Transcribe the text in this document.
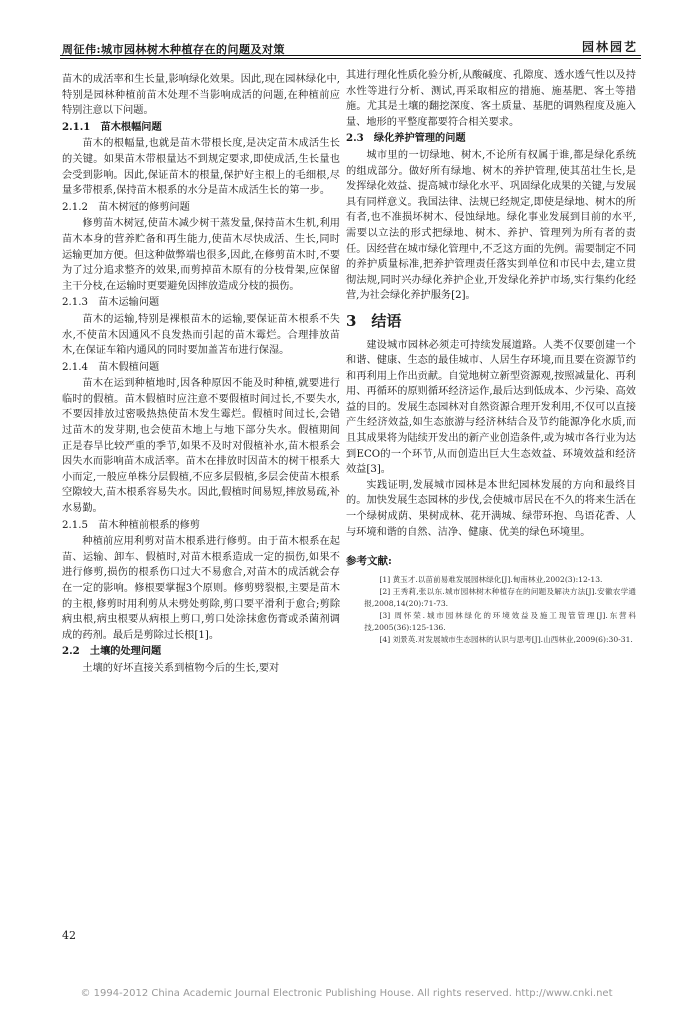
周征伟:城市园林树木种植存在的问题及对策	园林园艺

苗木的成活率和生长量,影响绿化效果。因此,现在园林绿化中,特别是园林种植前苗木处理不当影响成活的问题,在种植前应特别注意以下问题。

2.1.1　苗木根幅问题

苗木的根幅量,也就是苗木带根长度,是决定苗木成活生长的关键。如果苗木带根量达不到规定要求,即使成活,生长量也会受到影响。因此,保证苗木的根量,保护好主根上的毛细根,尽量多带根系,保持苗木根系的水分是苗木成活生长的第一步。

2.1.2　苗木树冠的修剪问题

修剪苗木树冠,使苗木减少树干蒸发量,保持苗木生机,利用苗木本身的营养贮备和再生能力,使苗木尽快成活、生长,同时运输更加方便。但这种做弊端也很多,因此,在修剪苗木时,不要为了过分追求整齐的效果,而剪掉苗木原有的分枝骨架,应保留主干分枝,在运输时更要避免因摔放造成分枝的损伤。

2.1.3　苗木运输问题

苗木的运输,特别是裸根苗木的运输,要保证苗木根系不失水,不使苗木因通风不良发热而引起的苗木霉烂。合理排放苗木,在保证车箱内通风的同时要加盖苫布进行保湿。

2.1.4　苗木假植问题

苗木在运到种植地时,因各种原因不能及时种植,就要进行临时的假植。苗木假植时应注意不要假植时间过长,不要失水,不要因排放过密吸热热使苗木发生霉烂。假植时间过长,会错过苗木的发芽期,也会使苗木地上与地下部分失水。假植期间正是春旱比较严重的季节,如果不及时对假植补水,苗木根系会因失水而影响苗木成活率。苗木在排放时因苗木的树干根系大小而定,一般应单株分层假植,不应多层假植,多层会使苗木根系空隙较大,苗木根系容易失水。因此,假植时间易短,摔放易疏,补水易勤。

2.1.5　苗木种植前根系的修剪

种植前应用利剪对苗木根系进行修剪。由于苗木根系在起苗、运输、卸车、假植时,对苗木根系造成一定的损伤,如果不进行修剪,损伤的根系伤口过大不易愈合,对苗木的成活就会存在一定的影响。修根要掌握3个原则。修剪劈裂根,主要是苗木的主根,修剪时用利剪从未劈处剪除,剪口要平滑利于愈合;剪除病虫根,病虫根要从病根上剪口,剪口处涂抹愈伤膏或杀菌剂调成的药剂。最后是剪除过长根[1]。

2.2　土壤的处理问题

土壤的好坏直接关系到植物今后的生长,要对

其进行理化性质化验分析,从酸碱度、孔隙度、透水透气性以及持水性等进行分析、测试,再采取相应的措施、施基肥、客土等措施。尤其是土壤的翻挖深度、客土质量、基肥的调熟程度及施入量、地形的平整度都要符合相关要求。

2.3　绿化养护管理的问题

城市里的一切绿地、树木,不论所有权属于谁,都是绿化系统的组成部分。做好所有绿地、树木的养护管理,使其茁壮生长,是发挥绿化效益、提高城市绿化水平、巩固绿化成果的关键,与发展具有同样意义。我国法律、法规已经规定,即使是绿地、树木的所有者,也不准损坏树木、侵蚀绿地。绿化事业发展到目前的水平,需要以立法的形式把绿地、树木、养护、管理列为所有者的责任。因经营在城市绿化管理中,不乏这方面的先例。需要制定不同的养护质量标准,把养护管理责任落实到单位和市民中去,建立贯彻法规,同时兴办绿化养护企业,开发绿化养护市场,实行集约化经营,为社会绿化养护服务[2]。

3　结语

建设城市园林必须走可持续发展道路。人类不仅要创建一个和谐、健康、生态的最佳城市、人居生存环境,而且要在资源节约和再利用上作出贡献。自觉地树立新型资源观,按照减量化、再利用、再循环的原则循环经济运作,最后达到低成本、少污染、高效益的目的。发展生态园林对自然资源合理开发利用,不仅可以直接产生经济效益,如生态旅游与经济林结合及节约能源净化水质,而且其成果将为陆续开发出的新产业创造条件,或为城市各行业为达到ECO的一个环节,从而创造出巨大生态效益、环境效益和经济效益[3]。

实践证明,发展城市园林是本世纪园林发展的方向和最终目的。加快发展生态园林的步伐,会使城市居民在不久的将来生活在一个绿树成荫、果树成林、花开满城、绿带环抱、鸟语花香、人与环境和谐的自然、洁净、健康、优美的绿色环境里。

参考文献:

[1] 黄玉才.以苗前易难发展园林绿化[J].甸南林业,2002(3):12-13.

[2] 王秀莉,张以东.城市园林树木种植存在的问题及解决方法[J].安徽农学通报,2008,14(20):71-73.

[3] 周怀荣.城市园林绿化的环境效益及施工现管管理[J].东营科技,2005(36):125-136.

[4] 刘景英.对发展城市生态园林的认识与思考[J].山西林业,2009(6):30-31.

42
© 1994-2012 China Academic Journal Electronic Publishing House. All rights reserved. http://www.cnki.net
